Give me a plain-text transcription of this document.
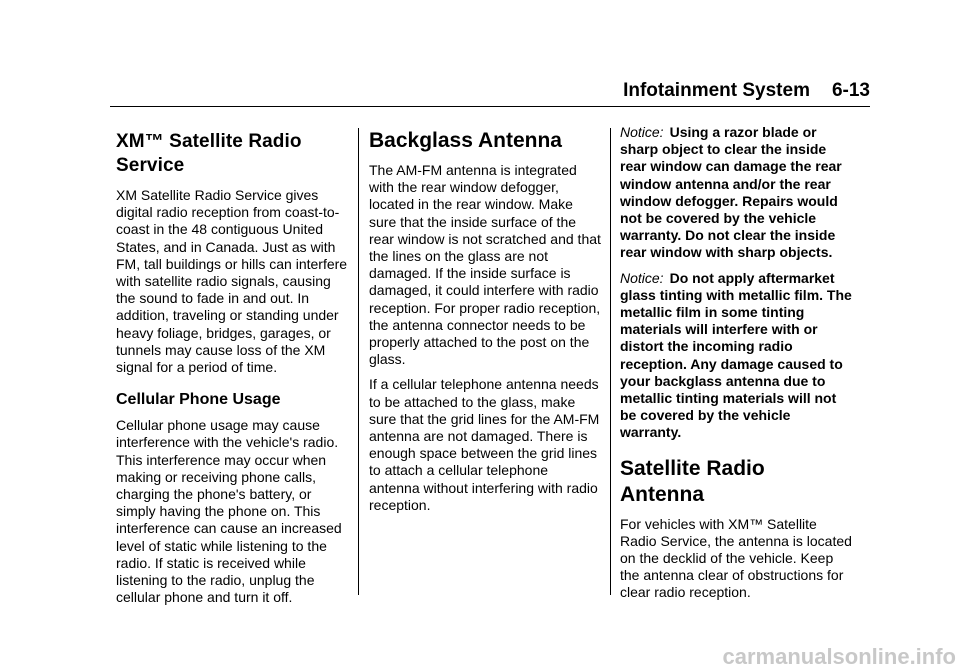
Infotainment System 6-13
XM™ Satellite Radio Service

XM Satellite Radio Service gives digital radio reception from coast-to-coast in the 48 contiguous United States, and in Canada. Just as with FM, tall buildings or hills can interfere with satellite radio signals, causing the sound to fade in and out. In addition, traveling or standing under heavy foliage, bridges, garages, or tunnels may cause loss of the XM signal for a period of time.

Cellular Phone Usage

Cellular phone usage may cause interference with the vehicle's radio. This interference may occur when making or receiving phone calls, charging the phone's battery, or simply having the phone on. This interference can cause an increased level of static while listening to the radio. If static is received while listening to the radio, unplug the cellular phone and turn it off.

Backglass Antenna

The AM-FM antenna is integrated with the rear window defogger, located in the rear window. Make sure that the inside surface of the rear window is not scratched and that the lines on the glass are not damaged. If the inside surface is damaged, it could interfere with radio reception. For proper radio reception, the antenna connector needs to be properly attached to the post on the glass.

If a cellular telephone antenna needs to be attached to the glass, make sure that the grid lines for the AM-FM antenna are not damaged. There is enough space between the grid lines to attach a cellular telephone antenna without interfering with radio reception.

Notice: Using a razor blade or sharp object to clear the inside rear window can damage the rear window antenna and/or the rear window defogger. Repairs would not be covered by the vehicle warranty. Do not clear the inside rear window with sharp objects.

Notice: Do not apply aftermarket glass tinting with metallic film. The metallic film in some tinting materials will interfere with or distort the incoming radio reception. Any damage caused to your backglass antenna due to metallic tinting materials will not be covered by the vehicle warranty.

Satellite Radio Antenna

For vehicles with XM™ Satellite Radio Service, the antenna is located on the decklid of the vehicle. Keep the antenna clear of obstructions for clear radio reception.

carmanualsonline.info
